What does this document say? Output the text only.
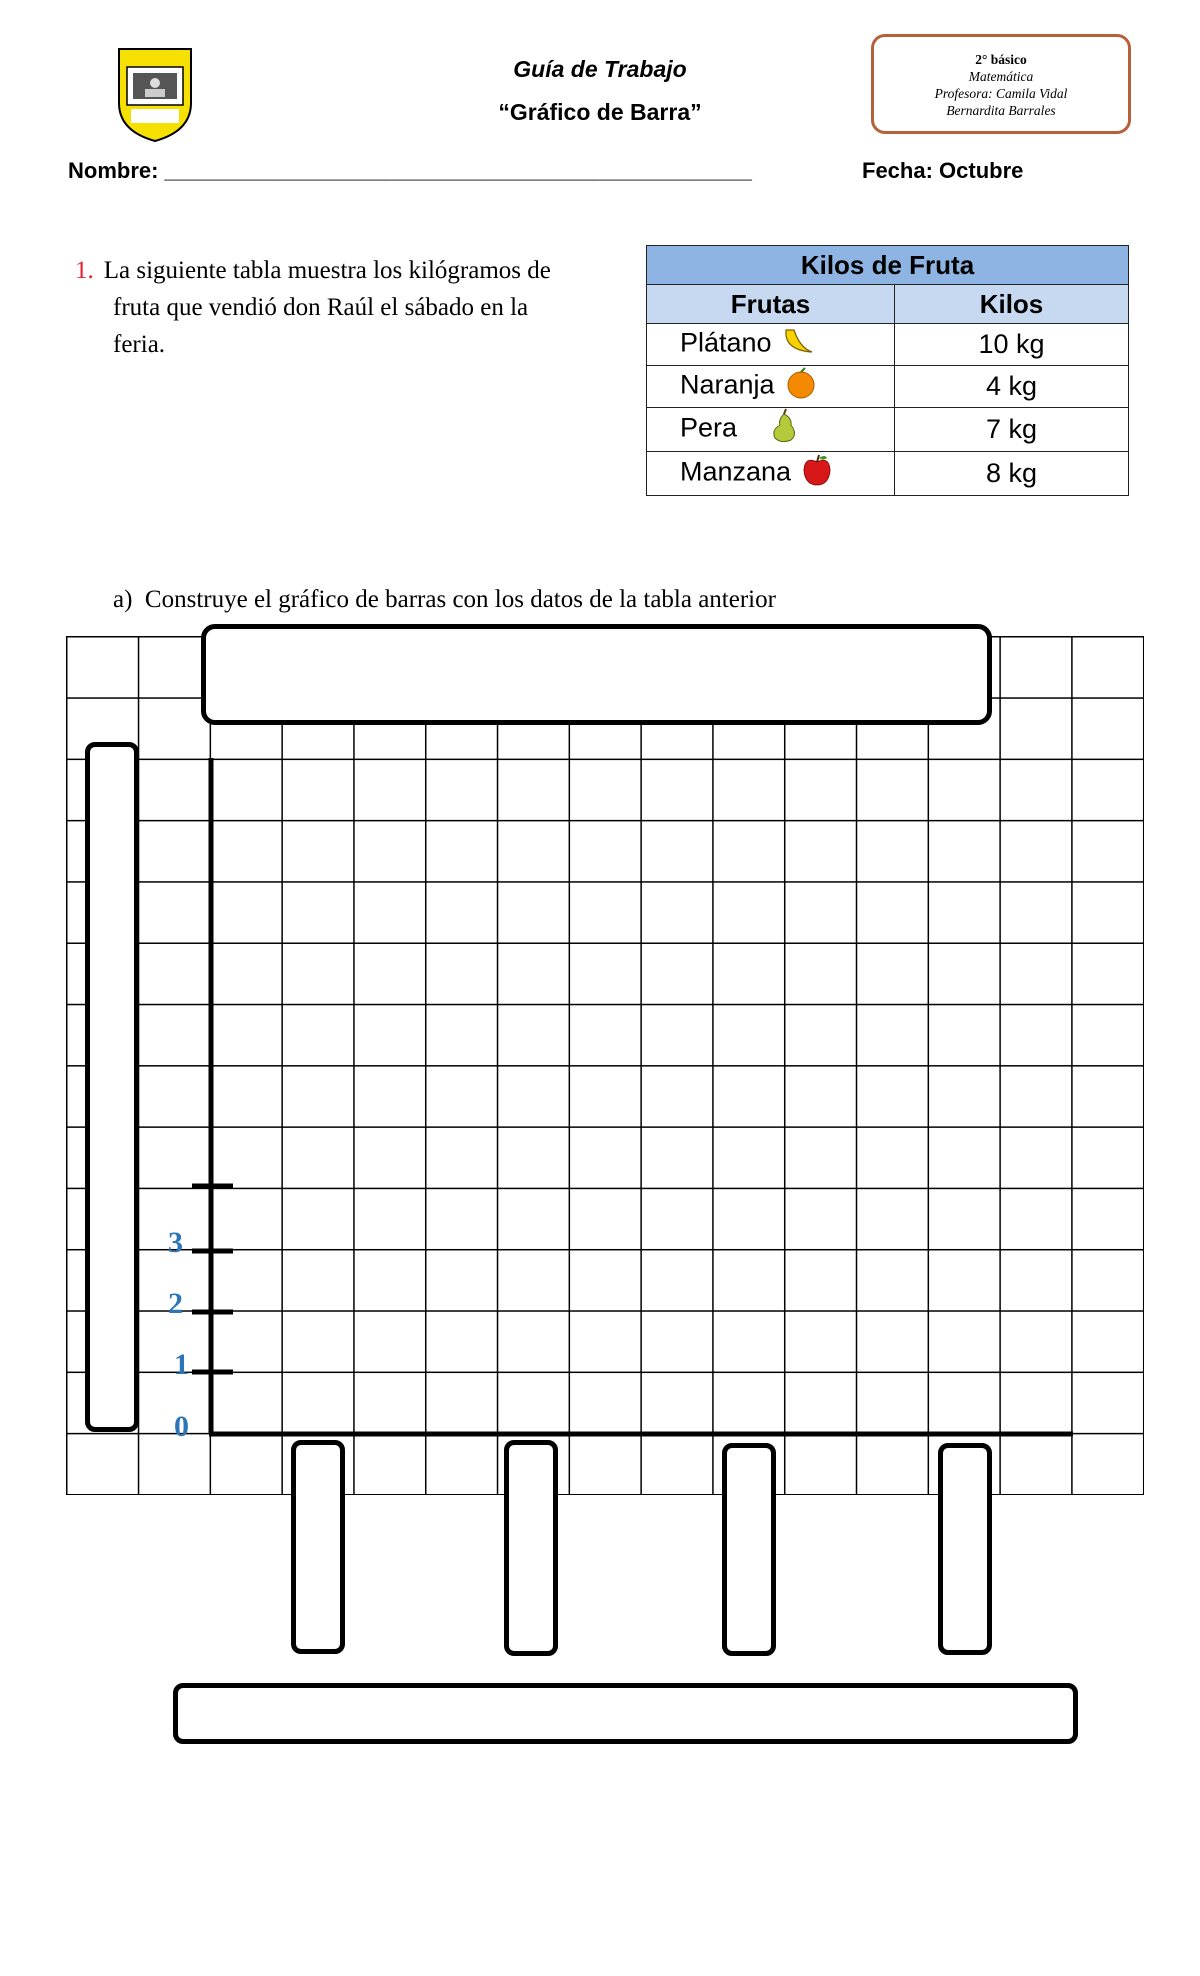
Guía de Trabajo
“Gráfico de Barra”
2° básico
Matemática
Profesora: Camila Vidal
Bernardita Barrales
Nombre: ________________________________________________	Fecha: Octubre
1. La siguiente tabla muestra los kilógramos de
fruta que vendió don Raúl el sábado en la
feria.
Kilos de Fruta	
Frutas	Kilos
Plátano	10 kg
Naranja	4 kg
Pera	7 kg
Manzana	8 kg
a) Construye el gráfico de barras con los datos de la tabla anterior
0
1
2
3
